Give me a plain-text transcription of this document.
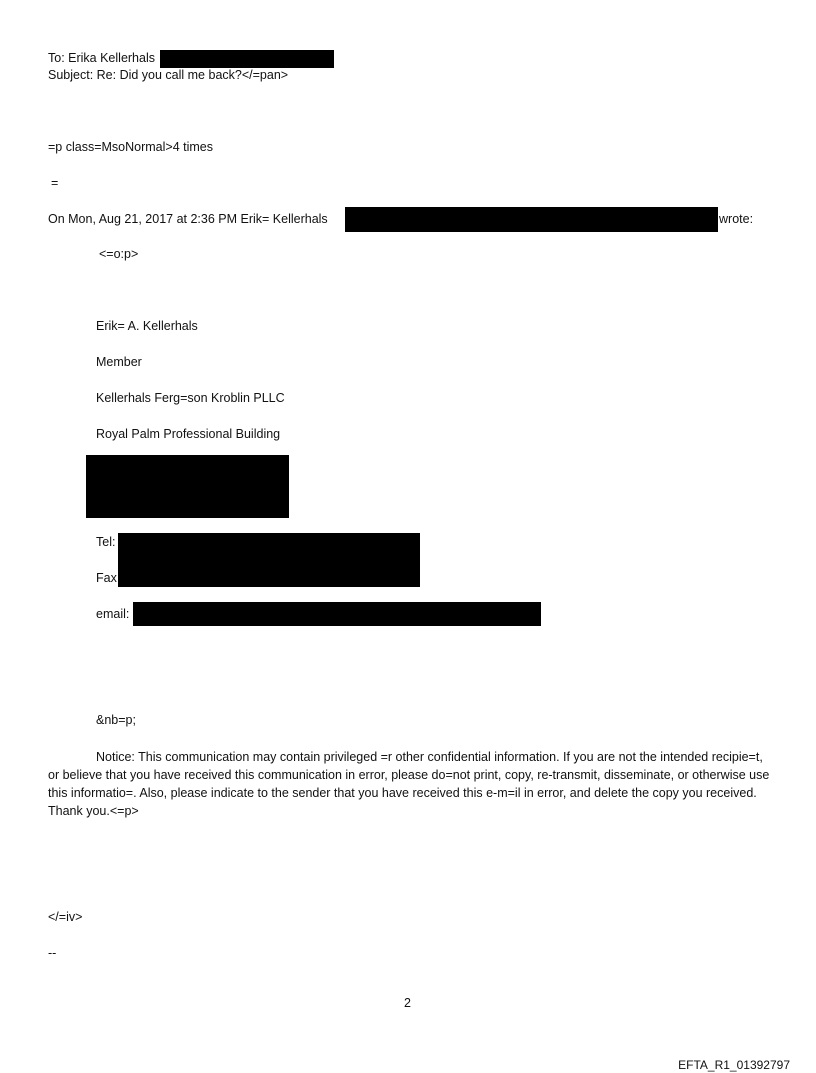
To: Erika Kellerhals
Subject: Re: Did you call me back?</=pan>
=p class=MsoNormal>4 times
=
On Mon, Aug 21, 2017 at 2:36 PM Erik= Kellerhals	wrote:
<=o:p>
Erik= A. Kellerhals
Member
Kellerhals Ferg=son Kroblin PLLC
Royal Palm Professional Building
Tel:
Fax
email:
&nb=p;
Notice: This communication may contain privileged =r other confidential information. If you are not the intended recipie=t, or believe that you have received this communication in error, please do=not print, copy, re-transmit, disseminate, or otherwise use this informatio=. Also, please indicate to the sender that you have received this e-m=il in error, and delete the copy you received. Thank you.<=p>
</=iv>
--
2
EFTA_R1_01392797
